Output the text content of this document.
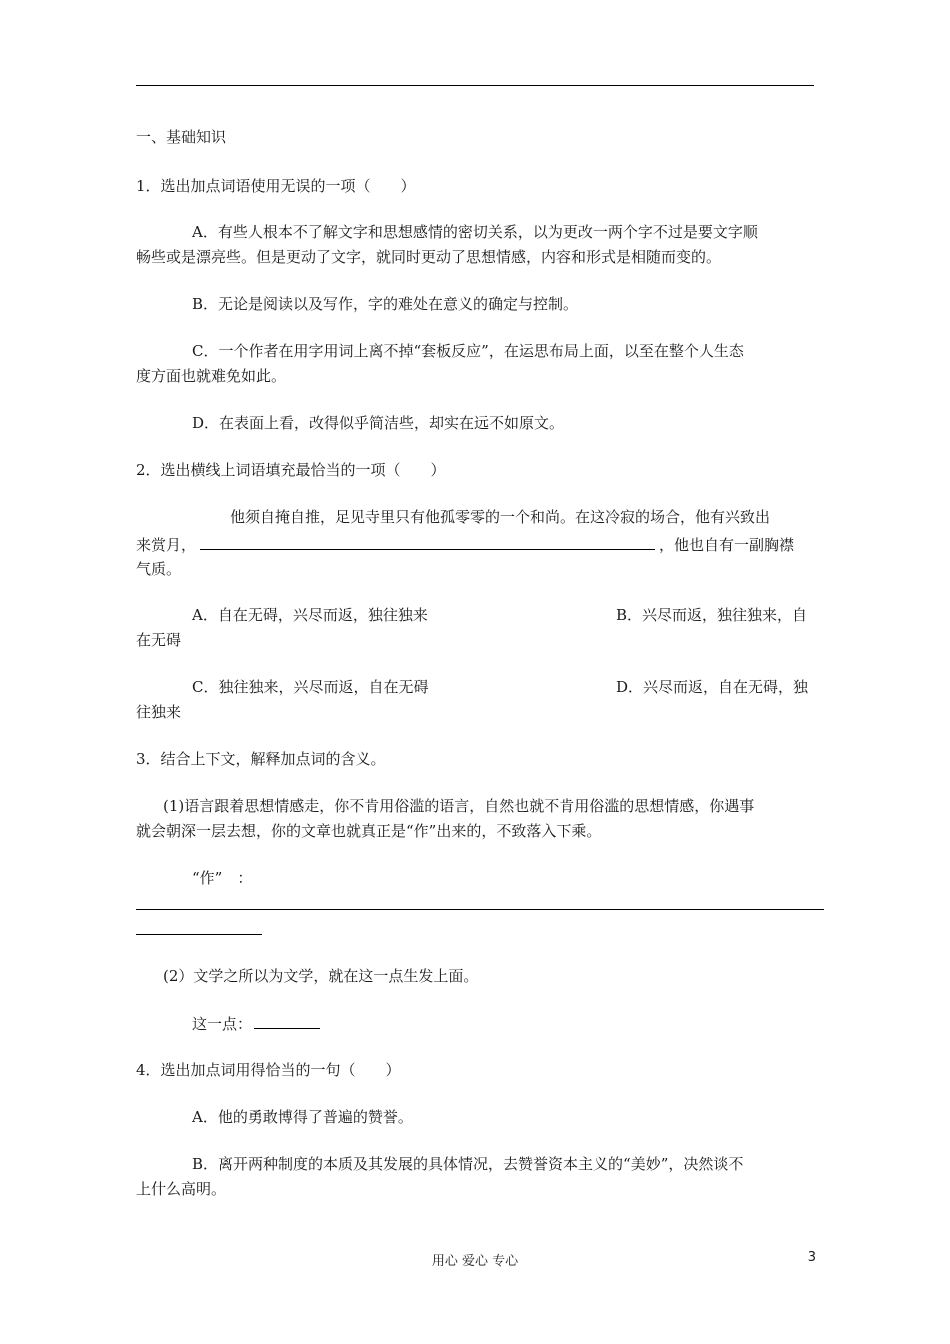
一、基础知识
1．选出加点词语使用无误的一项（　　）
A．有些人根本不了解文字和思想感情的密切关系，以为更改一两个字不过是要文字顺
畅些或是漂亮些。但是更动了文字，就同时更动了思想情感，内容和形式是相随而变的。
B．无论是阅读以及写作，字的难处在意义的确定与控制。
C．一个作者在用字用词上离不掉“套板反应”，在运思布局上面，以至在整个人生态
度方面也就难免如此。
D．在表面上看，改得似乎简洁些，却实在远不如原文。
2．选出横线上词语填充最恰当的一项（　　）
他须自掩自推，足见寺里只有他孤零零的一个和尚。在这冷寂的场合，他有兴致出
来赏月，	，他也自有一副胸襟
气质。
A．自在无碍，兴尽而返，独往独来	B．兴尽而返，独往独来，自
在无碍
C．独往独来，兴尽而返，自在无碍	D．兴尽而返，自在无碍，独
往独来
3．结合上下文，解释加点词的含义。
(1)语言跟着思想情感走，你不肯用俗滥的语言，自然也就不肯用俗滥的思想情感，你遇事
就会朝深一层去想，你的文章也就真正是“作”出来的，不致落入下乘。
“作”　：
(2）文学之所以为文学，就在这一点生发上面。
这一点：
4．选出加点词用得恰当的一句（　　）
A．他的勇敢博得了普遍的赞誉。
B．离开两种制度的本质及其发展的具体情况，去赞誉资本主义的“美妙”，决然谈不
上什么高明。
用心 爱心 专心	3
